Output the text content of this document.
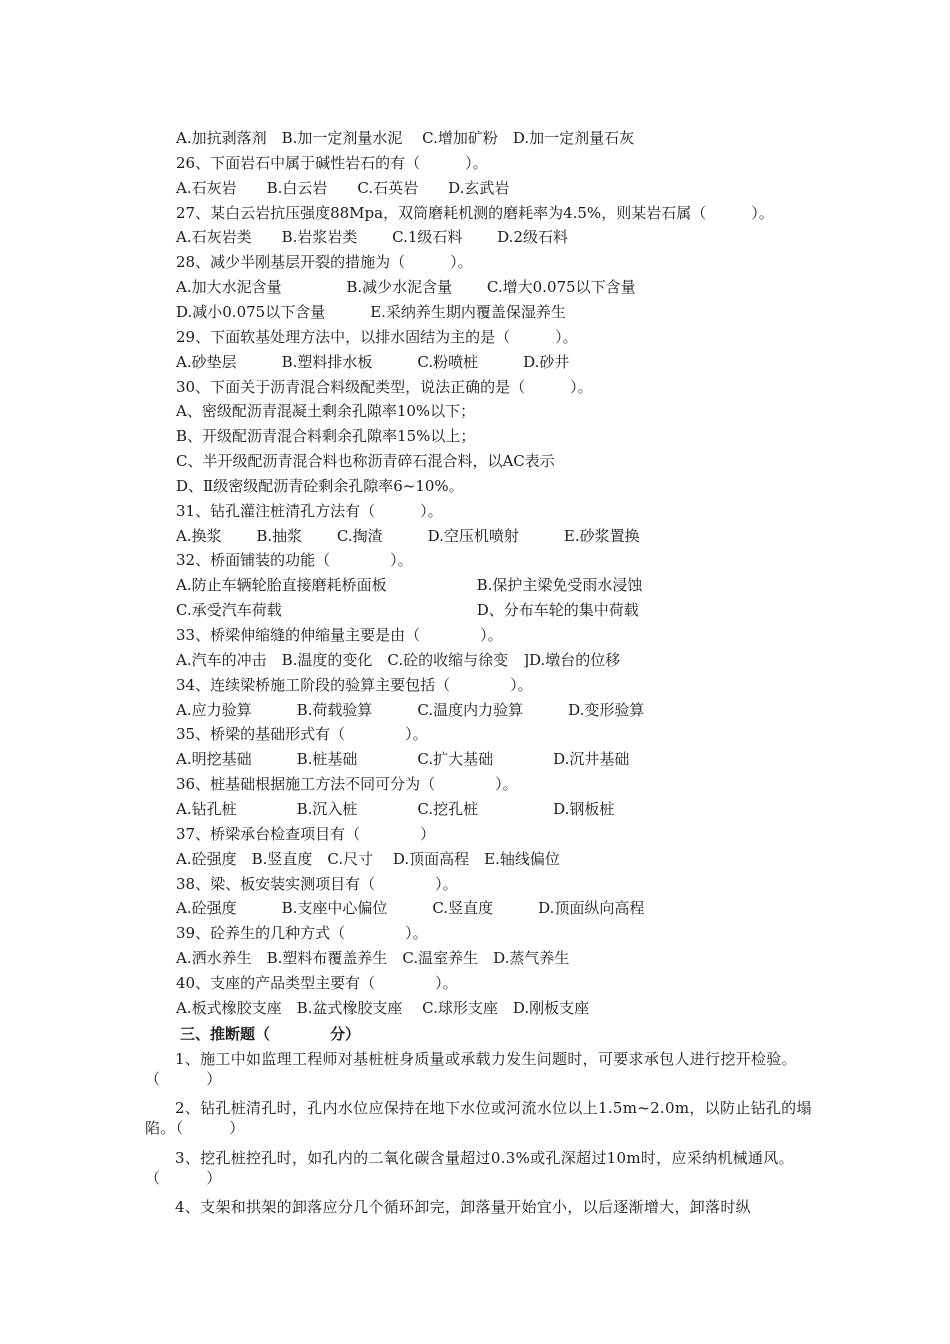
A.加抗剥落剂　B.加一定剂量水泥　 C.增加矿粉　D.加一定剂量石灰
26、下面岩石中属于碱性岩石的有（　　　）。
A.石灰岩　　B.白云岩　　C.石英岩　　D.玄武岩
27、某白云岩抗压强度88Mpa，双筒磨耗机测的磨耗率为4.5%，则某岩石属（　　　）。
A.石灰岩类　　B.岩浆岩类　　 C.1级石料　　 D.2级石料
28、减少半刚基层开裂的措施为（　　　）。
A.加大水泥含量　　　　 B.减少水泥含量　　 C.增大0.075以下含量
D.减小0.075以下含量　　　E.采纳养生期内覆盖保湿养生
29、下面软基处理方法中，以排水固结为主的是（　　　）。
A.砂垫层　　　B.塑料排水板　　　C.粉喷桩　　　D.砂井
30、下面关于沥青混合料级配类型，说法正确的是（　　　）。
A、密级配沥青混凝土剩余孔隙率10%以下；
B、开级配沥青混合料剩余孔隙率15%以上；
C、半开级配沥青混合料也称沥青碎石混合料，以AC表示
D、Ⅱ级密级配沥青砼剩余孔隙率6~10%。
31、钻孔灌注桩清孔方法有（　　　）。
A.换浆　　 B.抽浆　　 C.掏渣　　　D.空压机喷射　　　E.砂浆置换
32、桥面铺装的功能（　　　　）。
A.防止车辆轮胎直接磨耗桥面板　　　　　　B.保护主梁免受雨水浸蚀
C.承受汽车荷载　　　　　　　　　　　　　D、分布车轮的集中荷载
33、桥梁伸缩缝的伸缩量主要是由（　　　　）。
A.汽车的冲击　B.温度的变化　C.砼的收缩与徐变　]D.墩台的位移
34、连续梁桥施工阶段的验算主要包括（　　　　）。
A.应力验算　　　B.荷载验算　　　C.温度内力验算　　　D.变形验算
35、桥梁的基础形式有（　　　　）。
A.明挖基础　　　B.桩基础　　　　C.扩大基础　　　　D.沉井基础
36、桩基础根据施工方法不同可分为（　　　　）。
A.钻孔桩　　　　B.沉入桩　　　　C.挖孔桩　　　　　D.钢板桩
37、桥梁承台检查项目有（　　　　）
A.砼强度　B.竖直度　C.尺寸　 D.顶面高程　E.轴线偏位
38、梁、板安装实测项目有（　　　　）。
A.砼强度　　　B.支座中心偏位　　　C.竖直度　　　D.顶面纵向高程
39、砼养生的几种方式（　　　　）。
A.洒水养生　B.塑料布覆盖养生　C.温室养生　D.蒸气养生
40、支座的产品类型主要有（　　　　）。
A.板式橡胶支座　B.盆式橡胶支座　 C.球形支座　D.刚板支座
三、推断题（　　　　分）
1、施工中如监理工程师对基桩桩身质量或承载力发生问题时，可要求承包人进行挖开检验。（　　　）
2、钻孔桩清孔时，孔内水位应保持在地下水位或河流水位以上1.5m~2.0m，以防止钻孔的塌陷。（　　　）
3、挖孔桩控孔时，如孔内的二氧化碳含量超过0.3%或孔深超过10m时，应采纳机械通风。（　　　）
4、支架和拱架的卸落应分几个循环卸完，卸落量开始宜小，以后逐渐增大，卸落时纵
